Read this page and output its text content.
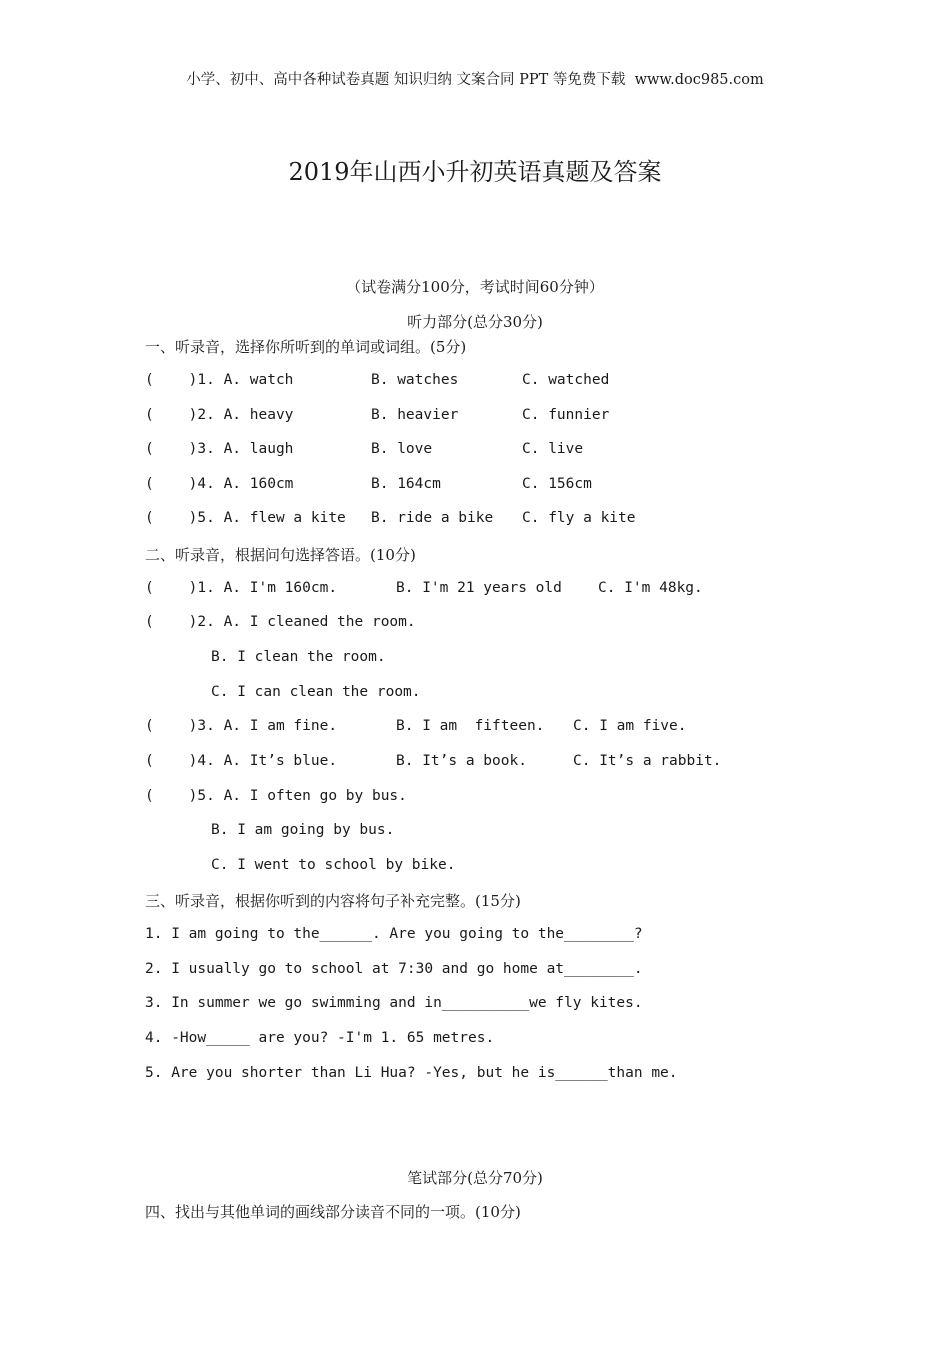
小学、初中、高中各种试卷真题 知识归纳 文案合同 PPT 等免费下载  www.doc985.com
2019年山西小升初英语真题及答案
（试卷满分100分，考试时间60分钟）
听力部分(总分30分)
一、听录音，选择你所听到的单词或词组。(5分)

(    )1. A. watch

	B. watches

	C. watched

(    )2. A. heavy

	B. heavier

	C. funnier

(    )3. A. laugh

	B. love

	C. live

(    )4. A. 160cm

	B. 164cm

	C. 156cm

(    )5. A. flew a kite

B. ride a bike

C. fly a kite

二、听录音，根据问句选择答语。(10分)

(    )1. A. I'm 160cm.

	B. I'm 21 years old

C. I'm 48kg.

(    )2. A. I cleaned the room.

B. I clean the room.
C. I can clean the room.

(    )3. A. I am fine.

	B. I am  fifteen.

C. I am five.

(    )4. A. It’s blue.

	B. It’s a book.

	C. It’s a rabbit.

(    )5. A. I often go by bus.

B. I am going by bus.
C. I went to school by bike.
三、听录音，根据你听到的内容将句子补充完整。(15分)
1. I am going to the______. Are you going to the________?
2. I usually go to school at 7:30 and go home at________.
3. In summer we go swimming and in__________we fly kites.
4. -How_____ are you? -I'm 1. 65 metres.
5. Are you shorter than Li Hua? -Yes, but he is______than me.
笔试部分(总分70分)
四、找出与其他单词的画线部分读音不同的一项。(10分)
